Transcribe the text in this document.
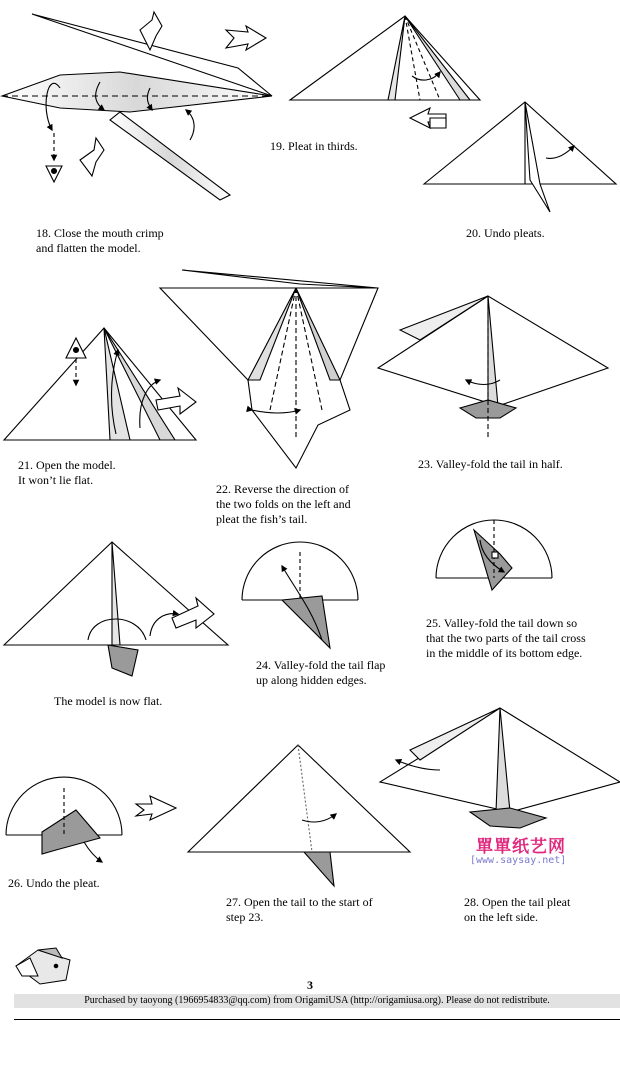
18. Close the mouth crimp
and flatten the model.
19. Pleat in thirds.
20. Undo pleats.
21. Open the model.
It won’t lie flat.
22. Reverse the direction of
the two folds on the left and
pleat the fish’s tail.
23. Valley-fold the tail in half.
The model is now flat.
24. Valley-fold the tail flap
up along hidden edges.
25. Valley-fold the tail down so
that the two parts of the tail cross
in the middle of its bottom edge.
26. Undo the pleat.
27. Open the tail to the start of
step 23.
28. Open the tail pleat
on the left side.
單單纸艺网
[www.saysay.net]
3
Purchased by taoyong (1966954833@qq.com) from OrigamiUSA (http://origamiusa.org). Please do not redistribute.
